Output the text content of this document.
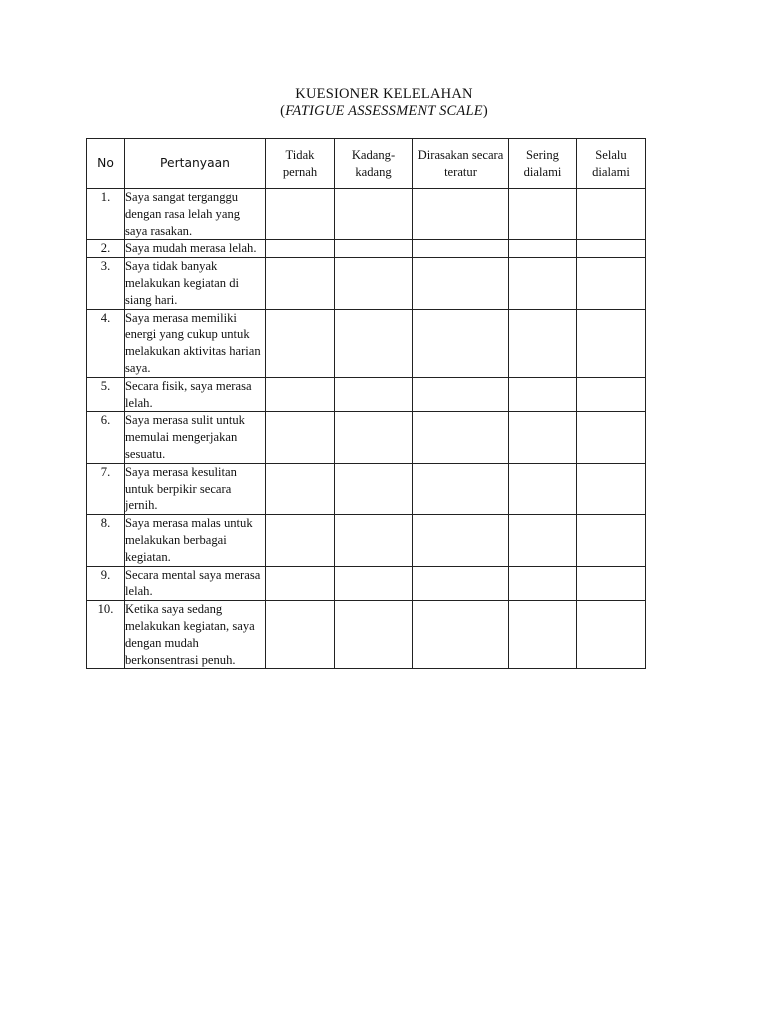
KUESIONER KELELAHAN
(FATIGUE ASSESSMENT SCALE)
No	Pertanyaan	Tidak pernah	Kadang-kadang	Dirasakan secara teratur	Sering dialami	Selalu dialami
1.	Saya sangat terganggu dengan rasa lelah yang saya rasakan.					
2.	Saya mudah merasa lelah.					
3.	Saya tidak banyak melakukan kegiatan di siang hari.					
4.	Saya merasa memiliki energi yang cukup untuk melakukan aktivitas harian saya.					
5.	Secara fisik, saya merasa lelah.					
6.	Saya merasa sulit untuk memulai mengerjakan sesuatu.					
7.	Saya merasa kesulitan untuk berpikir secara jernih.					
8.	Saya merasa malas untuk melakukan berbagai kegiatan.					
9.	Secara mental saya merasa lelah.					
10.	Ketika saya sedang melakukan kegiatan, saya dengan mudah berkonsentrasi penuh.					
